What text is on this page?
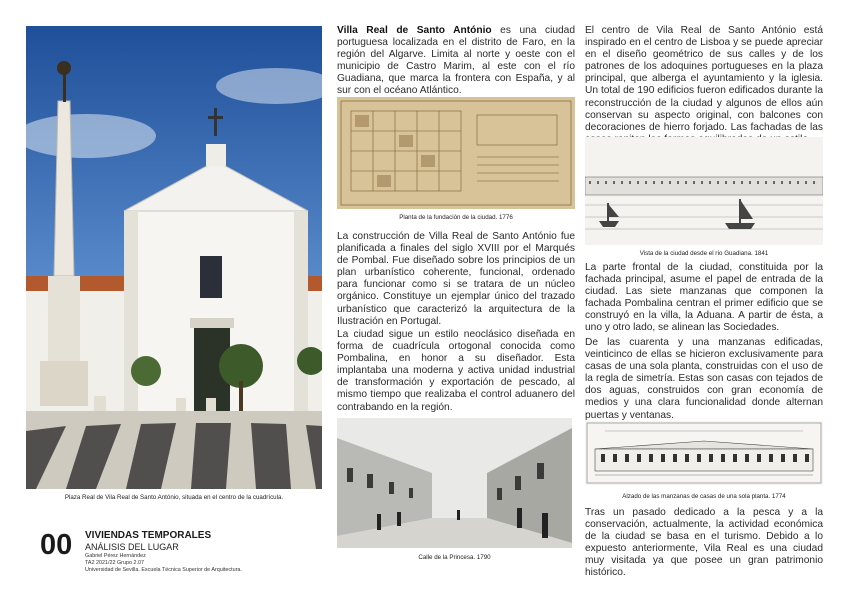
Plaza Real de Vila Real de Santo António, situada en el centro de la cuadrícula.
00 VIVIENDAS TEMPORALES
ANÁLISIS DEL LUGAR
Gabriel Pérez Hernández
TA2 2021/22 Grupo 2.07
Universidad de Sevilla. Escuela Técnica Superior de Arquitectura.

Villa Real de Santo António es una ciudad portuguesa localizada en el distrito de Faro, en la región del Algarve. Limita al norte y oeste con el municipio de Castro Marim, al este con el río Guadiana, que marca la frontera con España, y al sur con el océano Atlántico.

Planta de la fundación de la ciudad. 1776

La construcción de Villa Real de Santo António fue planificada a finales del siglo XVIII por el Marqués de Pombal. Fue diseñado sobre los principios de un plan urbanístico coherente, funcional, ordenado para funcionar como si se tratara de un núcleo orgánico. Constituye un ejemplar único del trazado urbanístico que caracterizó la arquitectura de la Ilustración en Portugal.

La ciudad sigue un estilo neoclásico diseñada en forma de cuadrícula ortogonal conocida como Pombalina, en honor a su diseñador. Esta implantaba una moderna y activa unidad industrial de transformación y exportación de pescado, al mismo tiempo que realizaba el control aduanero del contrabando en la región.

Calle de la Princesa. 1790

El centro de Vila Real de Santo António está inspirado en el centro de Lisboa y se puede apreciar en el diseño geométrico de sus calles y de los patrones de los adoquines portugueses en la plaza principal, que alberga el ayuntamiento y la iglesia. Un total de 190 edificios fueron edificados durante la reconstrucción de la ciudad y algunos de ellos aún conservan su aspecto original, con balcones con decoraciones de hierro forjado. Las fachadas de las

Vista de la ciudad desde el río Guadiana. 1841

La parte frontal de la ciudad, constituida por la fachada principal, asume el papel de entrada de la ciudad. Las siete manzanas que componen la fachada Pombalina centran el primer edificio que se construyó en la villa, la Aduana. A partir de ésta, a uno y otro lado, se alinean las Sociedades.

De las cuarenta y una manzanas edificadas, veinticinco de ellas se hicieron exclusivamente para casas de una sola planta, construidas con el uso de la regla de simetría. Estas son casas con tejados de dos aguas, construidos con gran economía de medios y una clara funcionalidad donde alternan puertas y ventanas.

Alzado de las manzanas de casas de una sola planta. 1774

Tras un pasado dedicado a la pesca y a la conservación, actualmente, la actividad económica de la ciudad se basa en el turismo. Debido a lo expuesto anteriormente, Vila Real es una ciudad muy visitada ya que posee un gran patrimonio histórico.
